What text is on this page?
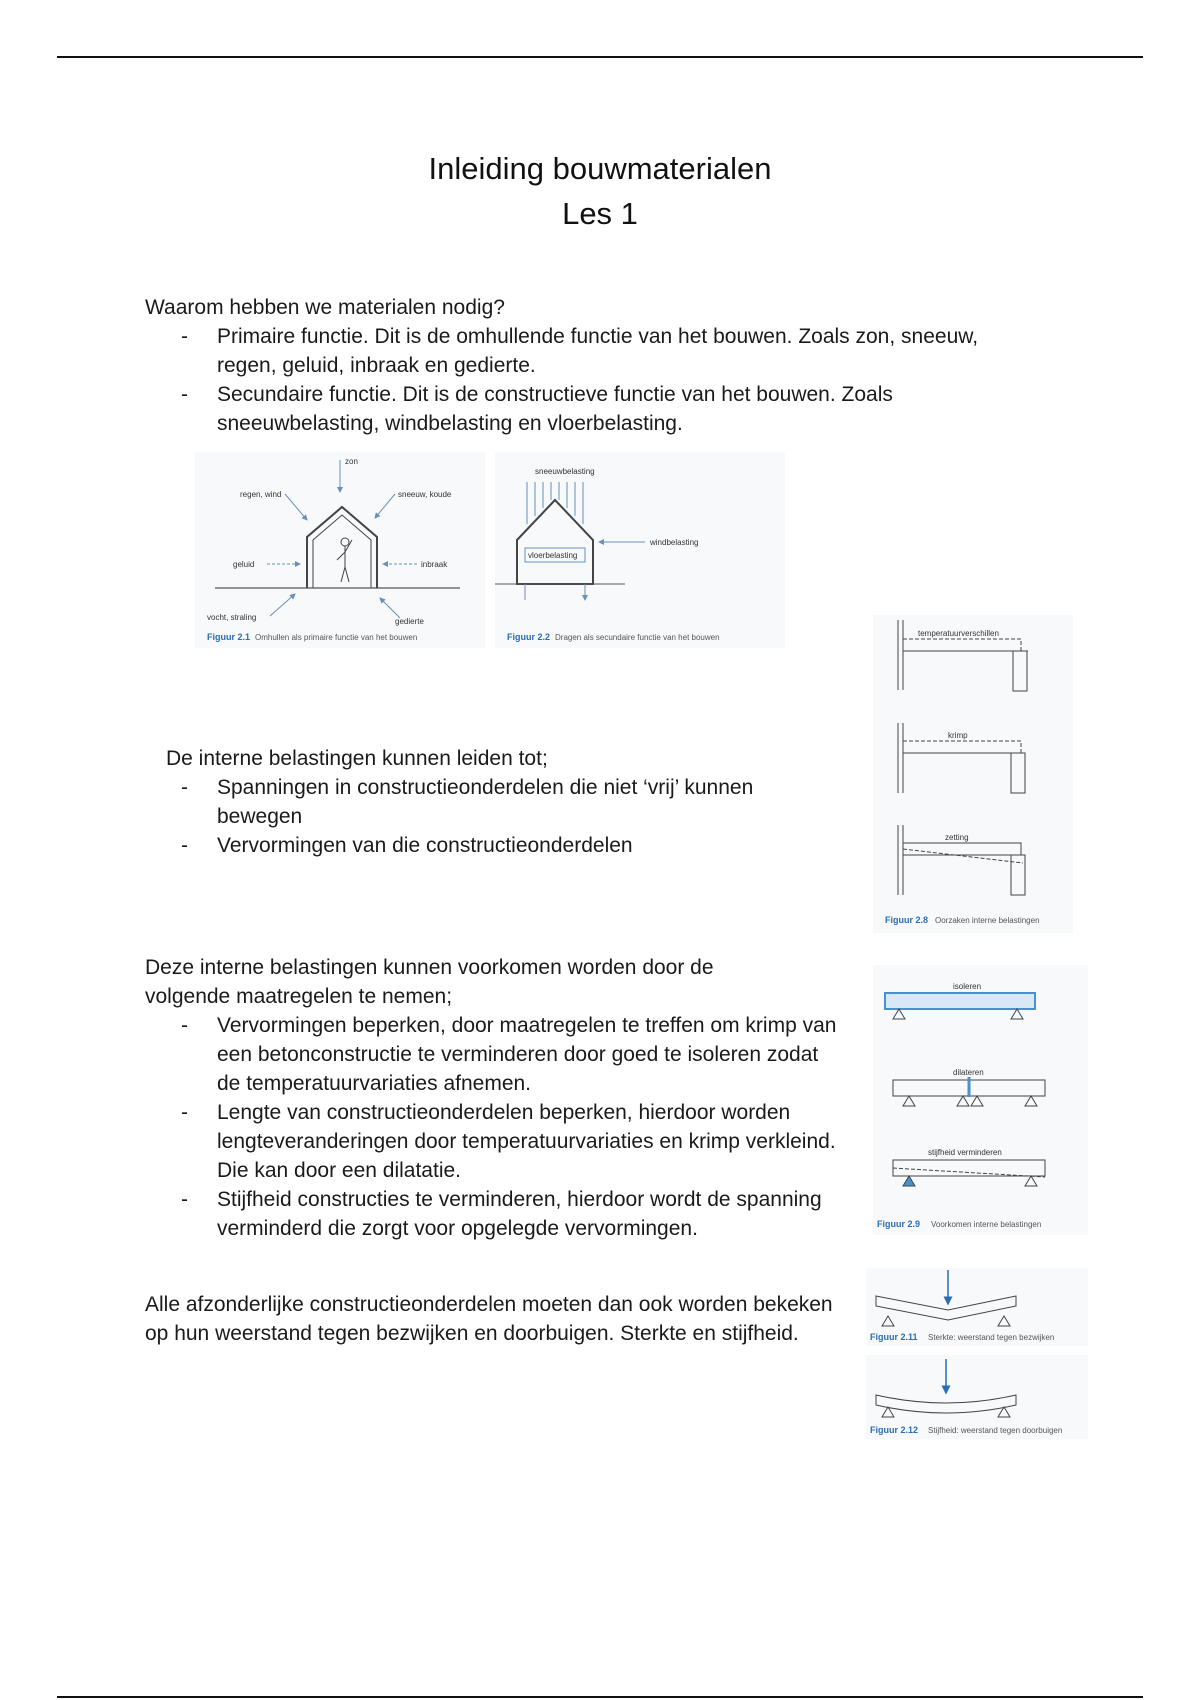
Inleiding bouwmaterialen
Les 1
Waarom hebben we materialen nodig?
- Primaire functie. Dit is de omhullende functie van het bouwen. Zoals zon, sneeuw, regen, geluid, inbraak en gedierte.
- Secundaire functie. Dit is de constructieve functie van het bouwen. Zoals sneeuwbelasting, windbelasting en vloerbelasting.
zon
regen, wind	sneeuw, koude
geluid	inbraak
vocht, straling	gedierte
Figuur 2.1 Omhullen als primaire functie van het bouwen
sneeuwbelasting
vloerbelasting
windbelasting
Figuur 2.2 Dragen als secundaire functie van het bouwen	temperatuurverschillen
krimp
zetting
Figuur 2.8 Oorzaken interne belastingen
De interne belastingen kunnen leiden tot;
- Spanningen in constructieonderdelen die niet ‘vrij’ kunnen bewegen
- Vervormingen van die constructieonderdelen
isoleren
dilateren
stijfheid verminderen
Figuur 2.9 Voorkomen interne belastingen
Deze interne belastingen kunnen voorkomen worden door de volgende maatregelen te nemen;
- Vervormingen beperken, door maatregelen te treffen om krimp van een betonconstructie te verminderen door goed te isoleren zodat de temperatuurvariaties afnemen.
- Lengte van constructieonderdelen beperken, hierdoor worden lengteveranderingen door temperatuurvariaties en krimp verkleind. Die kan door een dilatatie.
- Stijfheid constructies te verminderen, hierdoor wordt de spanning verminderd die zorgt voor opgelegde vervormingen.
Figuur 2.11 Sterkte: weerstand tegen bezwijken
Figuur 2.12 Stijfheid: weerstand tegen doorbuigen
Alle afzonderlijke constructieonderdelen moeten dan ook worden bekeken op hun weerstand tegen bezwijken en doorbuigen. Sterkte en stijfheid.
